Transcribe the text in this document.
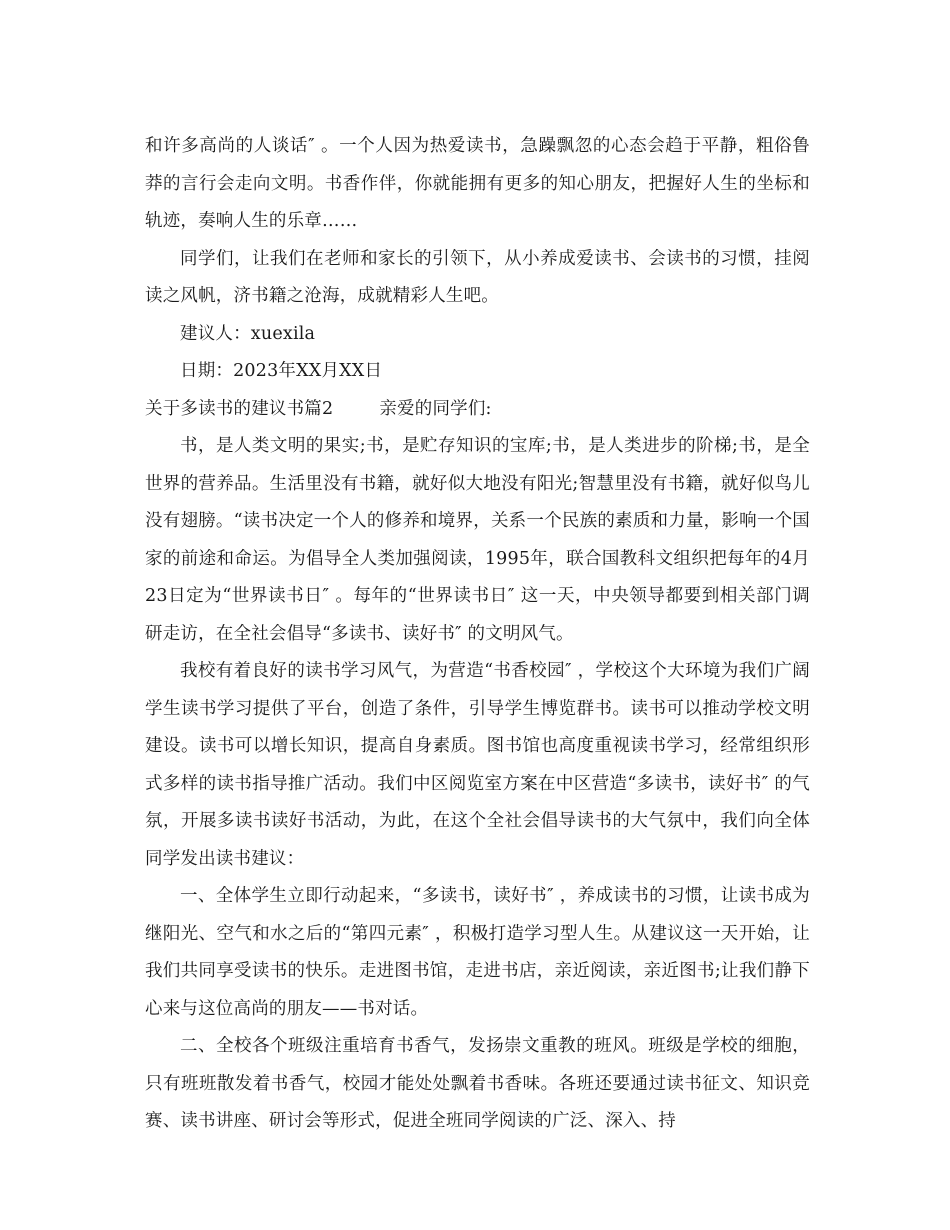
和许多高尚的人谈话″ 。一个人因为热爱读书，急躁飘忽的心态会趋于平静，粗俗鲁莽的言行会走向文明。书香作伴，你就能拥有更多的知心朋友，把握好人生的坐标和轨迹，奏响人生的乐章……

同学们，让我们在老师和家长的引领下，从小养成爱读书、会读书的习惯，挂阅读之风帆，济书籍之沧海，成就精彩人生吧。

建议人：xuexila

日期：2023年XX月XX日

关于多读书的建议书篇2	亲爱的同学们:

书，是人类文明的果实;书，是贮存知识的宝库;书，是人类进步的阶梯;书，是全世界的营养品。生活里没有书籍，就好似大地没有阳光;智慧里没有书籍，就好似鸟儿没有翅膀。“读书决定一个人的修养和境界，关系一个民族的素质和力量，影响一个国家的前途和命运。为倡导全人类加强阅读，1995年，联合国教科文组织把每年的4月23日定为“世界读书日″ 。每年的“世界读书日″ 这一天，中央领导都要到相关部门调研走访，在全社会倡导“多读书、读好书″ 的文明风气。

我校有着良好的读书学习风气，为营造“书香校园″ ，学校这个大环境为我们广阔学生读书学习提供了平台，创造了条件，引导学生博览群书。读书可以推动学校文明建设。读书可以增长知识，提高自身素质。图书馆也高度重视读书学习，经常组织形式多样的读书指导推广活动。我们中区阅览室方案在中区营造“多读书，读好书″ 的气氛，开展多读书读好书活动，为此，在这个全社会倡导读书的大气氛中，我们向全体同学发出读书建议：

一、全体学生立即行动起来，“多读书，读好书″ ，养成读书的习惯，让读书成为继阳光、空气和水之后的“第四元素″ ，积极打造学习型人生。从建议这一天开始，让我们共同享受读书的快乐。走进图书馆，走进书店，亲近阅读，亲近图书;让我们静下心来与这位高尚的朋友——书对话。

二、全校各个班级注重培育书香气，发扬崇文重教的班风。班级是学校的细胞，只有班班散发着书香气，校园才能处处飘着书香味。各班还要通过读书征文、知识竞赛、读书讲座、研讨会等形式，促进全班同学阅读的广泛、深入、持
